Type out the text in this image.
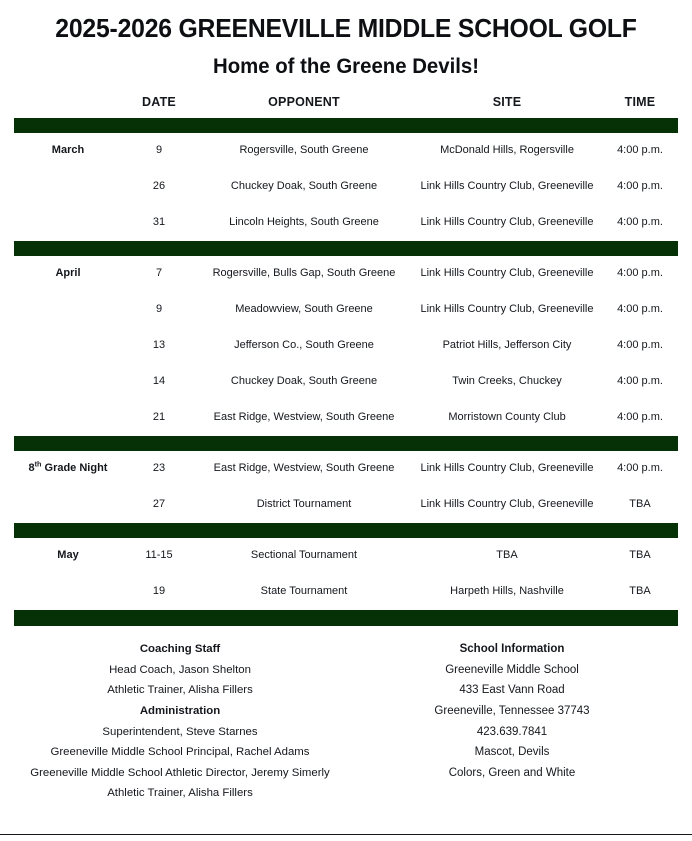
2025-2026 GREENEVILLE MIDDLE SCHOOL GOLF
Home of the Greene Devils!
	DATE	OPPONENT	SITE	TIME

March	9	Rogersville, South Greene	McDonald Hills, Rogersville	4:00 p.m.
	26	Chuckey Doak, South Greene	Link Hills Country Club, Greeneville	4:00 p.m.
	31	Lincoln Heights, South Greene	Link Hills Country Club, Greeneville	4:00 p.m.

April	7	Rogersville, Bulls Gap, South Greene	Link Hills Country Club, Greeneville	4:00 p.m.
	9	Meadowview, South Greene	Link Hills Country Club, Greeneville	4:00 p.m.
	13	Jefferson Co., South Greene	Patriot Hills, Jefferson City	4:00 p.m.
	14	Chuckey Doak, South Greene	Twin Creeks, Chuckey	4:00 p.m.
	21	East Ridge, Westview, South Greene	Morristown County Club	4:00 p.m.

8th Grade Night	23	East Ridge, Westview, South Greene	Link Hills Country Club, Greeneville	4:00 p.m.
	27	District Tournament	Link Hills Country Club, Greeneville	TBA

May	11-15	Sectional Tournament	TBA	TBA
	19	State Tournament	Harpeth Hills, Nashville	TBA

Coaching Staff
Head Coach, Jason Shelton
Athletic Trainer, Alisha Fillers
Administration
Superintendent, Steve Starnes
Greeneville Middle School Principal, Rachel Adams
Greeneville Middle School Athletic Director, Jeremy Simerly
Athletic Trainer, Alisha Fillers
School Information
Greeneville Middle School
433 East Vann Road
Greeneville, Tennessee 37743
423.639.7841
Mascot, Devils
Colors, Green and White
